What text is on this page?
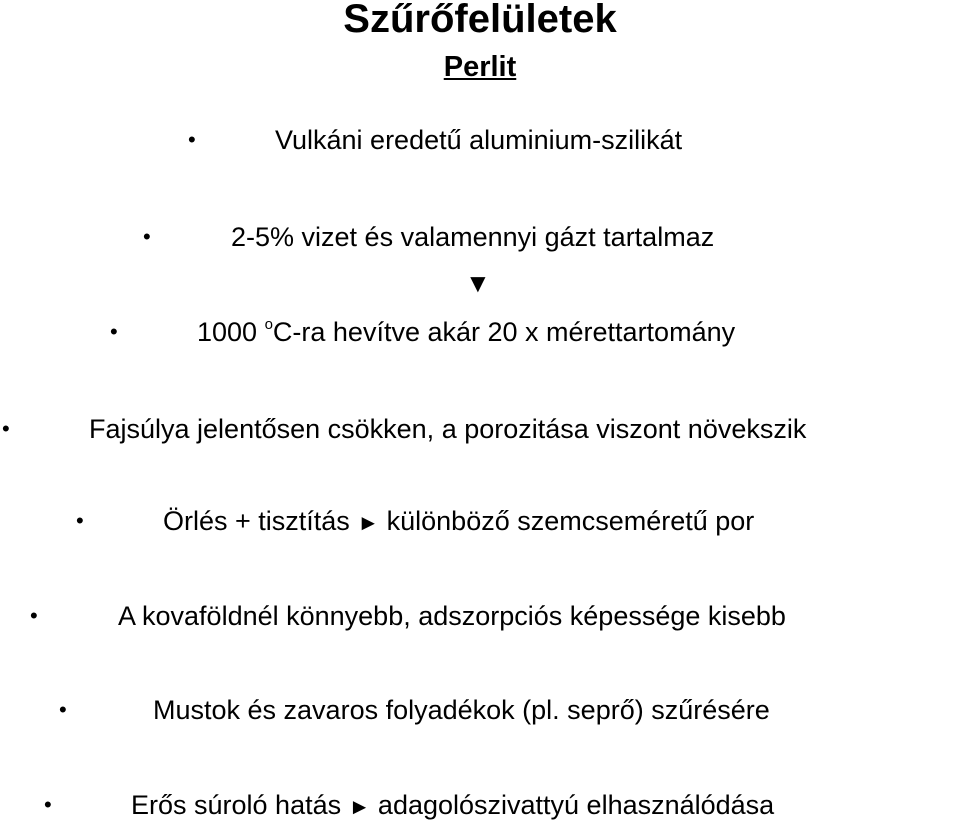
Szűrőfelületek
Perlit
•	Vulkáni eredetű aluminium-szilikát
•	2-5% vizet és valamennyi gázt tartalmaz
▼
•	1000 $^o$C-ra hevítve akár 20 x mérettartomány
•	Fajsúlya jelentősen csökken, a porozitása viszont növekszik
•	Örlés + tisztítás ► különböző szemcseméretű por
•	A kovaföldnél könnyebb, adszorpciós képessége kisebb
•	Mustok és zavaros folyadékok (pl. seprő) szűrésére
•	Erős súroló hatás ► adagolószivattyú elhasználódása
